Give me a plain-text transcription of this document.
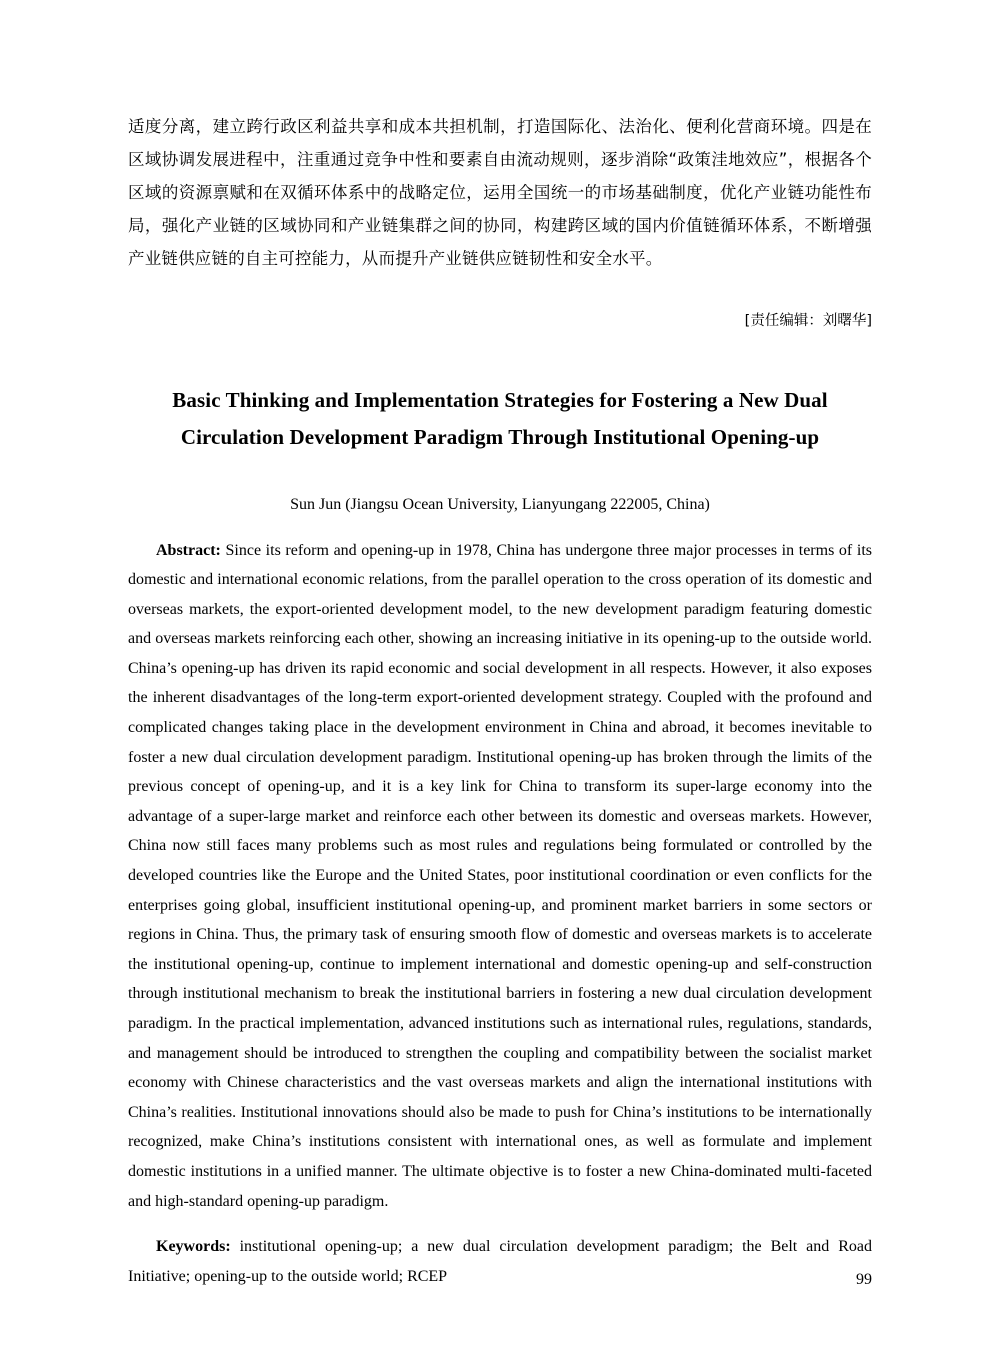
适度分离，建立跨行政区利益共享和成本共担机制，打造国际化、法治化、便利化营商环境。四是在区域协调发展进程中，注重通过竞争中性和要素自由流动规则，逐步消除“政策洼地效应”，根据各个区域的资源禀赋和在双循环体系中的战略定位，运用全国统一的市场基础制度，优化产业链功能性布局，强化产业链的区域协同和产业链集群之间的协同，构建跨区域的国内价值链循环体系，不断增强产业链供应链的自主可控能力，从而提升产业链供应链韧性和安全水平。

[责任编辑：刘曙华]
Basic Thinking and Implementation Strategies for Fostering a New Dual
Circulation Development Paradigm Through Institutional Opening-up
Sun Jun (Jiangsu Ocean University, Lianyungang 222005, China)

Abstract: Since its reform and opening-up in 1978, China has undergone three major processes in terms of its domestic and international economic relations, from the parallel operation to the cross operation of its domestic and overseas markets, the export-oriented development model, to the new development paradigm featuring domestic and overseas markets reinforcing each other, showing an increasing initiative in its opening-up to the outside world. China’s opening-up has driven its rapid economic and social development in all respects. However, it also exposes the inherent disadvantages of the long-term export-oriented development strategy. Coupled with the profound and complicated changes taking place in the development environment in China and abroad, it becomes inevitable to foster a new dual circulation development paradigm. Institutional opening-up has broken through the limits of the previous concept of opening-up, and it is a key link for China to transform its super-large economy into the advantage of a super-large market and reinforce each other between its domestic and overseas markets. However, China now still faces many problems such as most rules and regulations being formulated or controlled by the developed countries like the Europe and the United States, poor institutional coordination or even conflicts for the enterprises going global, insufficient institutional opening-up, and prominent market barriers in some sectors or regions in China. Thus, the primary task of ensuring smooth flow of domestic and overseas markets is to accelerate the institutional opening-up, continue to implement international and domestic opening-up and self-construction through institutional mechanism to break the institutional barriers in fostering a new dual circulation development paradigm. In the practical implementation, advanced institutions such as international rules, regulations, standards, and management should be introduced to strengthen the coupling and compatibility between the socialist market economy with Chinese characteristics and the vast overseas markets and align the international institutions with China’s realities. Institutional innovations should also be made to push for China’s institutions to be internationally recognized, make China’s institutions consistent with international ones, as well as formulate and implement domestic institutions in a unified manner. The ultimate objective is to foster a new China-dominated multi-faceted and high-standard opening-up paradigm.

Keywords: institutional opening-up; a new dual circulation development paradigm; the Belt and Road Initiative; opening-up to the outside world; RCEP	99
